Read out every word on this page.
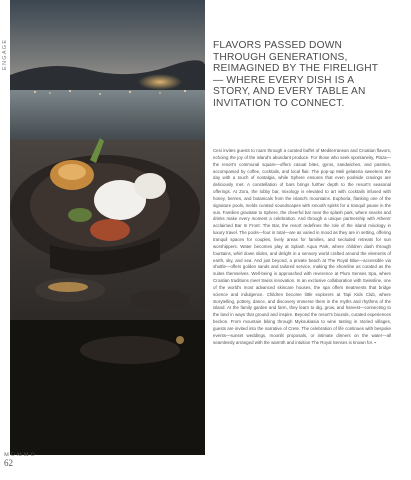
ENGAGE	FLAVORS PASSED DOWN THROUGH GENERATIONS, REIMAGINED BY THE FIRELIGHT — WHERE EVERY DISH IS A STORY, AND EVERY TABLE AN INVITATION TO CONNECT.

Cesi invites guests to roam through a curated buffet of Mediterranean and Croatian flavors, echoing the joy of the island's abundant produce. For those who seek spontaneity, Plaza—the resort's communal square—offers casual bites, gyros, sandwiches, and pastries, accompanied by coffee, cocktails, and local flair. The pop-up Meli gelateria sweetens the day with a touch of nostalgia, while Sphere ensures that even poolside cravings are deliciously met. A constellation of bars brings further depth to the resort's seasonal offerings. At Zora, the lobby bar, mixology is elevated to art with cocktails infused with honey, berries, and botanicals from the island's mountains. Euphoria, flanking one of the signature pools, melds curated soundscapes with smooth spirits for a tranquil pause in the sun. Families gravitate to Sphere, the cheerful bar near the splash park, where snacks and drinks make every moment a celebration. And through a unique partnership with Athens' acclaimed Bar In Front: The Bar, the resort redefines the role of the island mixology in luxury travel. The pools—four in total—are as varied in mood as they are in setting, offering tranquil spaces for couples, lively areas for families, and secluded retreats for sun worshippers. Water becomes play at Splash Aqua Park, where children dash through fountains, whirl down slides, and delight in a sensory world crafted around the elements of earth, sky, and sea. And just beyond, a private beach at The Royal Blue—accessible via shuttle—offers golden sands and tailored service, making the shoreline as curated as the suites themselves. Well-being is approached with reverence at Plum Senses Spa, where Croatian traditions meet Swiss innovation. In an exclusive collaboration with Swissline, one of the world's most advanced skincare houses, the spa offers treatments that bridge science and indulgence. Children become little explorers at Tapi Kids Club, where storytelling, pottery, dance, and discovery immerse them in the myths and rhythms of the island. At the family garden and farm, they learn to dig, grow, and harvest—connecting to the land in ways that ground and inspire. Beyond the resort's bounds, curated experiences beckon. From mountain biking through Mykoukiasia to wine tasting in storied villages, guests are invited into the narrative of Crete. The celebration of life continues with bespoke events—sunset weddings, moonlit proposals, or intimate dinners on the water—all seamlessly arranged with the warmth and intuition The Royal Senses is known for. ▪

MUMMO
62
